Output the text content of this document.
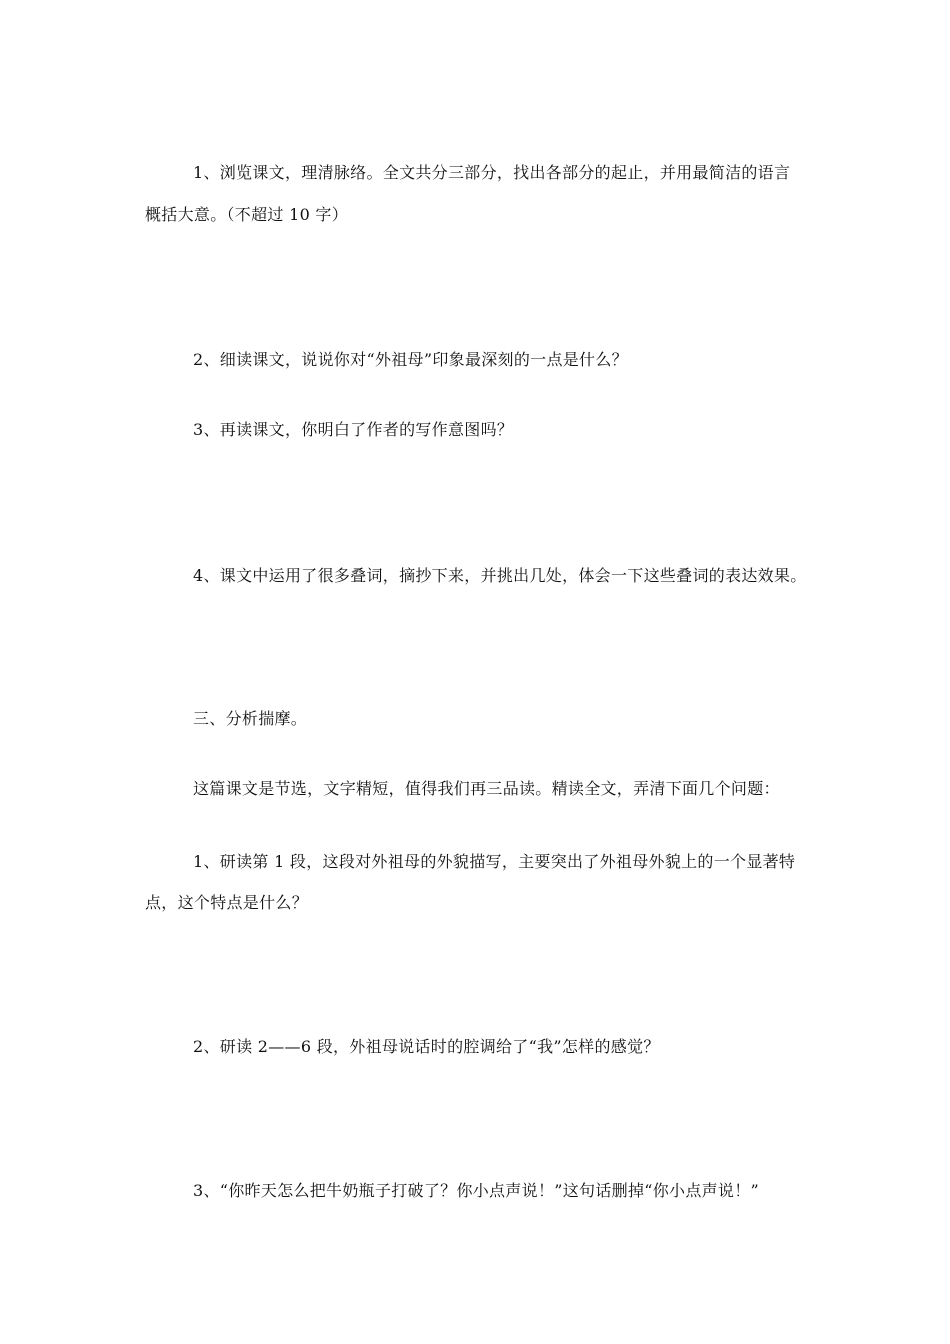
1、浏览课文，理清脉络。全文共分三部分，找出各部分的起止，并用最简洁的语言
概括大意。（不超过 10 字）
2、细读课文，说说你对“外祖母”印象最深刻的一点是什么？
3、再读课文，你明白了作者的写作意图吗？
4、课文中运用了很多叠词，摘抄下来，并挑出几处，体会一下这些叠词的表达效果。
三、分析揣摩。
这篇课文是节选，文字精短，值得我们再三品读。精读全文，弄清下面几个问题：
1、研读第 1 段，这段对外祖母的外貌描写，主要突出了外祖母外貌上的一个显著特
点，这个特点是什么？
2、研读 2——6 段，外祖母说话时的腔调给了“我”怎样的感觉？
3、“你昨天怎么把牛奶瓶子打破了？你小点声说！”这句话删掉“你小点声说！”
